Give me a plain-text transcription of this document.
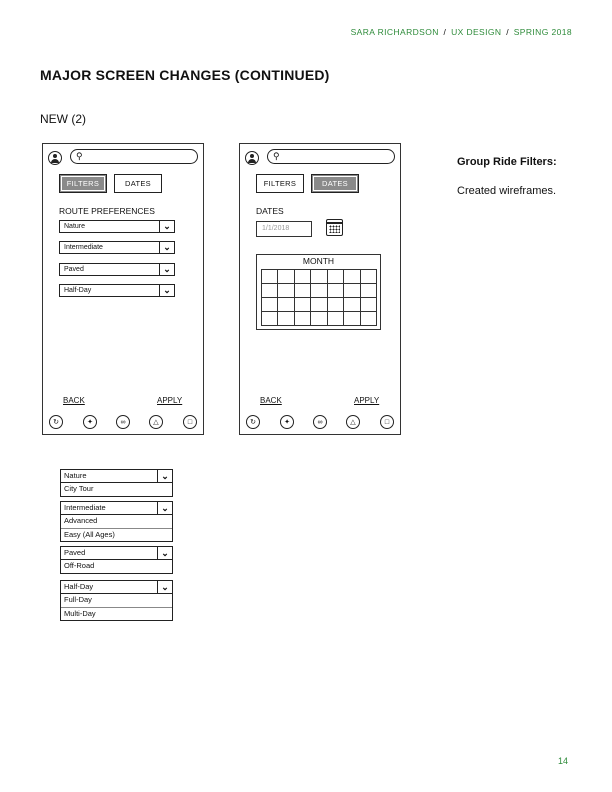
SARA RICHARDSON / UX DESIGN / SPRING 2018
MAJOR SCREEN CHANGES (CONTINUED)
NEW (2)
Group Ride Filters:
Created wireframes.
⚲
FILTERS	DATES
ROUTE PREFERENCES
Nature	⌄
Intermediate	⌄
Paved	⌄
Half-Day	⌄
BACK	APPLY
↻	✦	∞	△	□
⚲
FILTERS	DATES
DATES
1/1/2018
MONTH
BACK	APPLY
↻	✦	∞	△	□
Nature	⌄
City Tour
Intermediate	⌄
Advanced
Easy (All Ages)
Paved	⌄
Off-Road
Half-Day	⌄
Full-Day
Multi-Day
14
